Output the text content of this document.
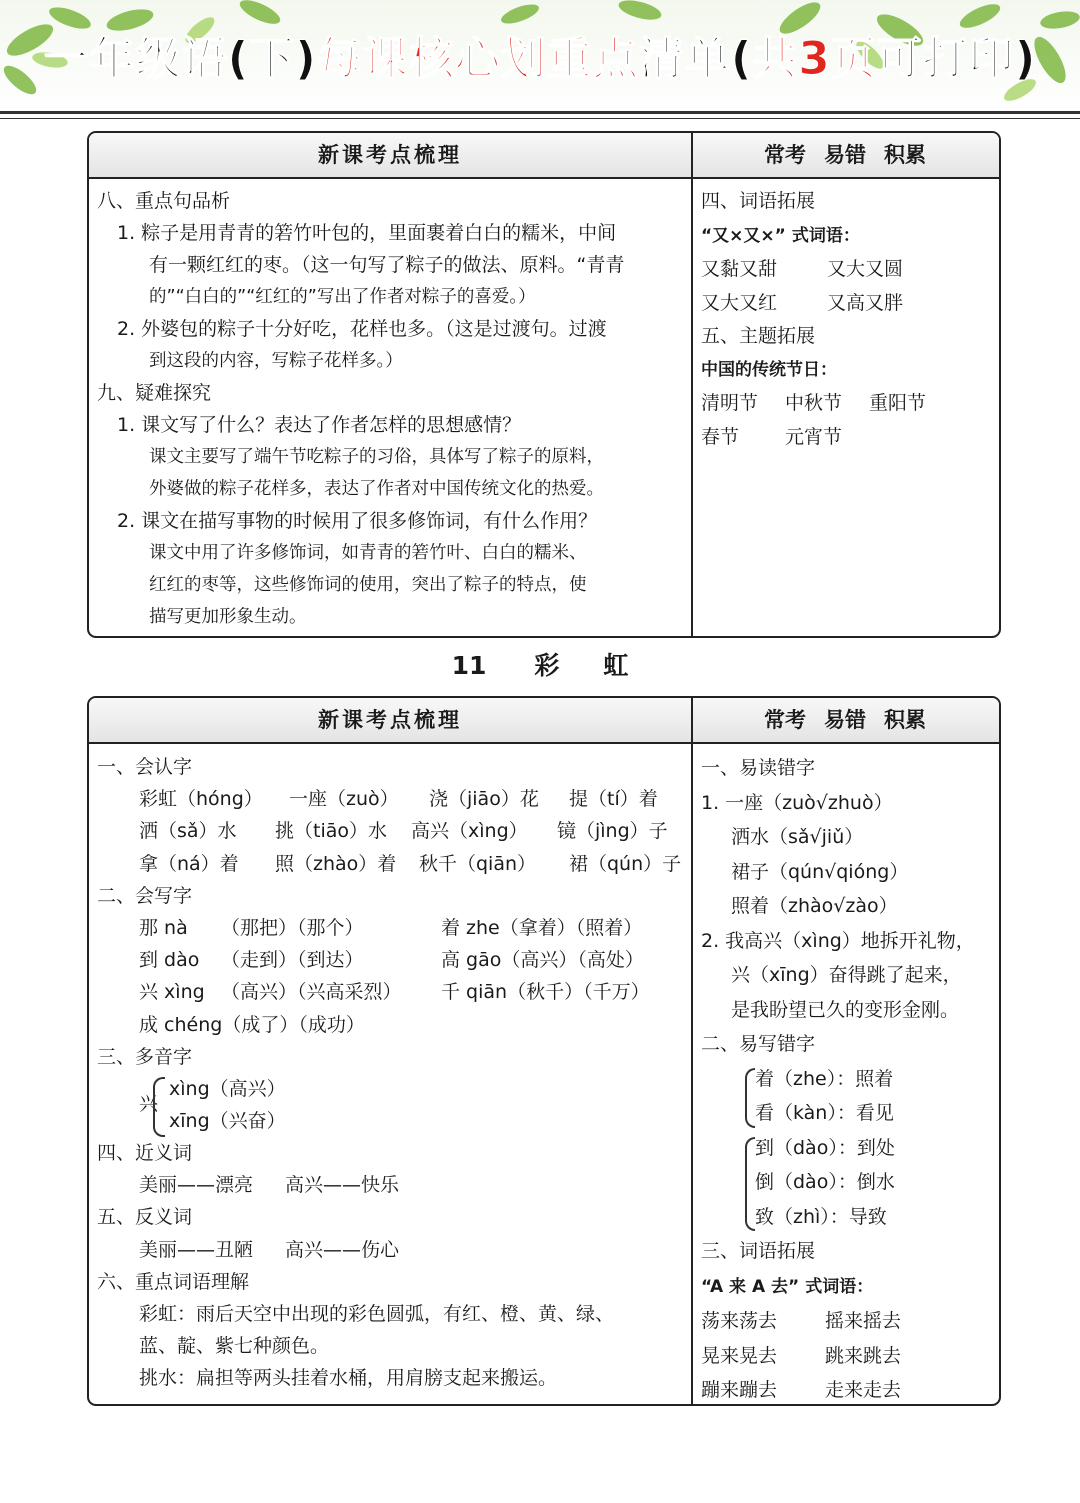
一年级语(下)每课核心划重点清单(共3页可打印)
新课考点梳理	常考 易错 积累
八、重点句品析
1. 粽子是用青青的箬竹叶包的，里面裹着白白的糯米，中间
有一颗红红的枣。（这一句写了粽子的做法、原料。“青青
的”“白白的”“红红的”写出了作者对粽子的喜爱。）
2. 外婆包的粽子十分好吃，花样也多。（这是过渡句。过渡
到这段的内容，写粽子花样多。）
九、疑难探究
1. 课文写了什么？表达了作者怎样的思想感情？
课文主要写了端午节吃粽子的习俗，具体写了粽子的原料，
外婆做的粽子花样多，表达了作者对中国传统文化的热爱。
2. 课文在描写事物的时候用了很多修饰词，有什么作用？
课文中用了许多修饰词，如青青的箬竹叶、白白的糯米、
红红的枣等，这些修饰词的使用，突出了粽子的特点，使
描写更加形象生动。
四、词语拓展
“又×又×” 式词语：
又黏又甜	又大又圆
又大又红	又高又胖
五、主题拓展
中国的传统节日：
清明节 中秋节 重阳节
春节 元宵节
11 彩 虹
新课考点梳理	常考 易错 积累
一、会认字
彩虹（hóng） 一座（zuò） 浇（jiāo）花 提（tí）着
洒（sǎ）水 挑（tiāo）水 高兴（xìng） 镜（jìng）子
拿（ná）着 照（zhào）着 秋千（qiān） 裙（qún）子
二、会写字
那 nà （那把）（那个）	着 zhe（拿着）（照着）
到 dào （走到）（到达）	高 gāo（高兴）（高处）
兴 xìng （高兴）（兴高采烈） 千 qiān（秋千）（千万）
成 chéng（成了）（成功）
三、多音字
兴
xìng（高兴）
xīng（兴奋）
四、近义词
美丽——漂亮 高兴——快乐
五、反义词
美丽——丑陋 高兴——伤心
六、重点词语理解
彩虹：雨后天空中出现的彩色圆弧，有红、橙、黄、绿、
蓝、靛、紫七种颜色。
挑水：扁担等两头挂着水桶，用肩膀支起来搬运。
一、易读错字
1. 一座（zuò√zhuò）
洒水（sǎ√jiǔ）
裙子（qún√qióng）
照着（zhào√zào）
2. 我高兴（xìng）地拆开礼物，
兴（xīng）奋得跳了起来，
是我盼望已久的变形金刚。
二、易写错字
着（zhe）：照着
看（kàn）：看见
到（dào）：到处
倒（dào）：倒水
致（zhì）：导致
三、词语拓展
“A 来 A 去” 式词语：
荡来荡去	摇来摇去
晃来晃去	跳来跳去
蹦来蹦去	走来走去
